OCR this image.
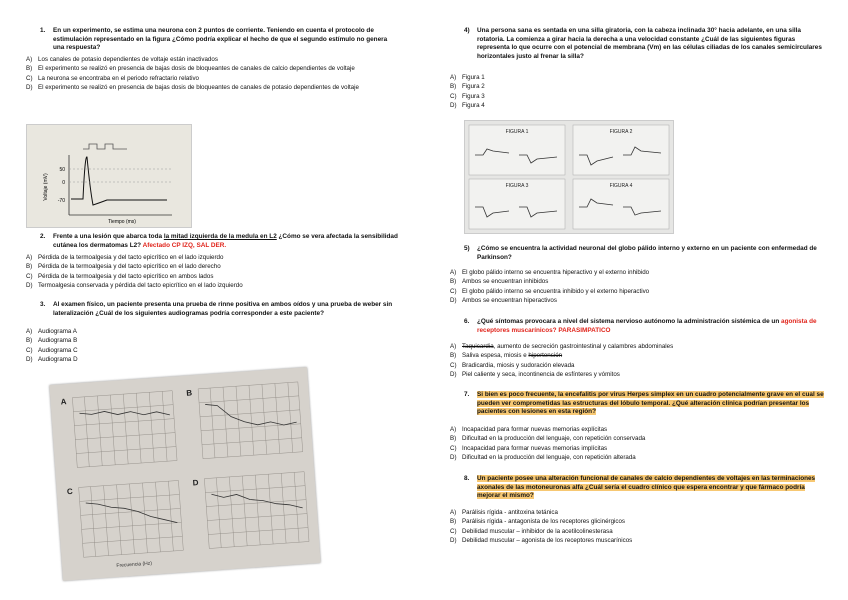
1. En un experimento, se estima una neurona con 2 puntos de corriente. Teniendo en cuenta el protocolo de estimulación representado en la figura ¿Cómo podría explicar el hecho de que el segundo estímulo no genera una respuesta?
A) Los canales de potasio dependientes de voltaje están inactivados
B) El experimento se realizó en presencia de bajas dosis de bloqueantes de canales de calcio dependientes de voltaje
C) La neurona se encontraba en el periodo refractario relativo
D) El experimento se realizó en presencia de bajas dosis de bloqueantes de canales de potasio dependientes de voltaje
50
0
-70
Voltaje (mV)
Tiempo (ms)
2. Frente a una lesión que abarca toda la mitad izquierda de la medula en L2 ¿Cómo se vera afectada la sensibilidad cutánea los dermatomas L2? Afectado CP IZQ, SAL DER.
A) Pérdida de la termoalgesia y del tacto epicrítico en el lado izquierdo
B) Pérdida de la termoalgesia y del tacto epicrítico en el lado derecho
C) Pérdida de la termoalgesia y del tacto epicrítico en ambos lados
D) Termoalgesia conservada y pérdida del tacto epicrítico en el lado izquierdo
3. Al examen físico, un paciente presenta una prueba de rinne positiva en ambos oídos y una prueba de weber sin lateralización ¿Cuál de los siguientes audiogramas podría corresponder a este paciente?
A) Audiograma A
B) Audiograma B
C) Audiograma C
D) Audiograma D
A
B
C
D
Frecuencia (Hz)
4) Una persona sana es sentada en una silla giratoria, con la cabeza inclinada 30° hacia adelante, en una silla rotatoria. La comienza a girar hacia la derecha a una velocidad constante ¿Cuál de las siguientes figuras representa lo que ocurre con el potencial de membrana (Vm) en las células ciliadas de los canales semicirculares horizontales justo al frenar la silla?
A) Figura 1
B) Figura 2
C) Figura 3
D) Figura 4
FIGURA 1	FIGURA 2
FIGURA 3	FIGURA 4
5) ¿Cómo se encuentra la actividad neuronal del globo pálido interno y externo en un paciente con enfermedad de Parkinson?
A) El globo pálido interno se encuentra hiperactivo y el externo inhibido
B) Ambos se encuentran inhibidos
C) El globo pálido interno se encuentra inhibido y el externo hiperactivo
D) Ambos se encuentran hiperactivos
6. ¿Qué síntomas provocara a nivel del sistema nervioso autónomo la administración sistémica de un agonista de receptores muscarínicos? PARASIMPATICO
A) Taquicardia, aumento de secreción gastrointestinal y calambres abdominales
B) Saliva espesa, miosis e hipertensión
C) Bradicardia, miosis y sudoración elevada
D) Piel caliente y seca, incontinencia de esfínteres y vómitos
7. Si bien es poco frecuente, la encefalitis por virus Herpes simplex en un cuadro potencialmente grave en el cual se pueden ver comprometidas las estructuras del lóbulo temporal. ¿Qué alteración clínica podrían presentar los pacientes con lesiones en esta región?
A) Incapacidad para formar nuevas memorias explícitas
B) Dificultad en la producción del lenguaje, con repetición conservada
C) Incapacidad para formar nuevas memorias implícitas
D) Dificultad en la producción del lenguaje, con repetición alterada
8. Un paciente posee una alteración funcional de canales de calcio dependientes de voltajes en las terminaciones axonales de las motoneuronas alfa ¿Cuál sería el cuadro clínico que espera encontrar y que fármaco podría mejorar el mismo?
A) Parálisis rígida - antitoxina tetánica
B) Parálisis rígida - antagonista de los receptores glicinérgicos
C) Debilidad muscular – inhibidor de la acetilcolinesterasa
D) Debilidad muscular – agonista de los receptores muscarínicos
